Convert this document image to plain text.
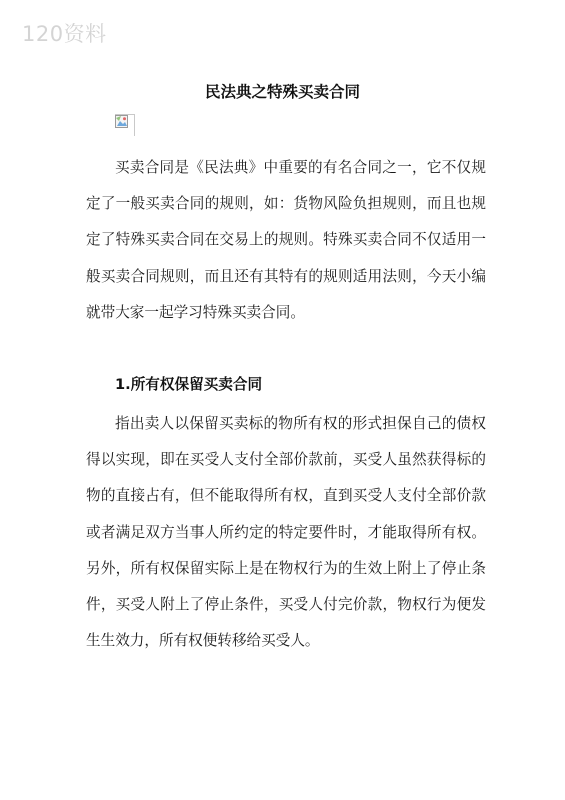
120资料
民法典之特殊买卖合同

买卖合同是《民法典》中重要的有名合同之一，它不仅规定了一般买卖合同的规则，如：货物风险负担规则，而且也规定了特殊买卖合同在交易上的规则。特殊买卖合同不仅适用一般买卖合同规则，而且还有其特有的规则适用法则，今天小编就带大家一起学习特殊买卖合同。

1.所有权保留买卖合同

指出卖人以保留买卖标的物所有权的形式担保自己的债权得以实现，即在买受人支付全部价款前，买受人虽然获得标的物的直接占有，但不能取得所有权，直到买受人支付全部价款或者满足双方当事人所约定的特定要件时，才能取得所有权。另外，所有权保留实际上是在物权行为的生效上附上了停止条件，买受人附上了停止条件，买受人付完价款，物权行为便发生生效力，所有权便转移给买受人。
